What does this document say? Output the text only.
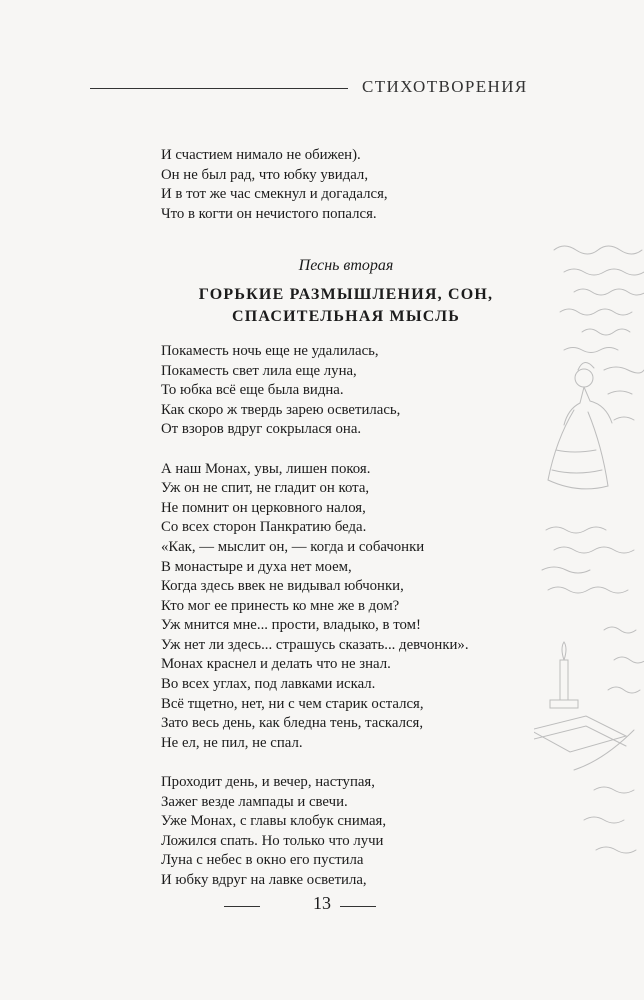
СТИХОТВОРЕНИЯ
И счастием нимало не обижен).
Он не был рад, что юбку увидал,
И в тот же час смекнул и догадался,
Что в когти он нечистого попался.
Песнь вторая
ГОРЬКИЕ РАЗМЫШЛЕНИЯ, СОН,
СПАСИТЕЛЬНАЯ МЫСЛЬ
Покаместь ночь еще не удалилась,
Покаместь свет лила еще луна,
То юбка всё еще была видна.
Как скоро ж твердь зарею осветилась,
От взоров вдруг сокрылася она.
А наш Монах, увы, лишен покоя.
Уж он не спит, не гладит он кота,
Не помнит он церковного налоя,
Со всех сторон Панкратию беда.
«Как, — мыслит он, — когда и собачонки
В монастыре и духа нет моем,
Когда здесь ввек не видывал юбчонки,
Кто мог ее принесть ко мне же в дом?
Уж мнится мне... прости, владыко, в том!
Уж нет ли здесь... страшусь сказать... девчонки».
Монах краснел и делать что не знал.
Во всех углах, под лавками искал.
Всё тщетно, нет, ни с чем старик остался,
Зато весь день, как бледна тень, таскался,
Не ел, не пил, не спал.
Проходит день, и вечер, наступая,
Зажег везде лампады и свечи.
Уже Монах, с главы клобук снимая,
Ложился спать. Но только что лучи
Луна с небес в окно его пустила
И юбку вдруг на лавке осветила,
13
